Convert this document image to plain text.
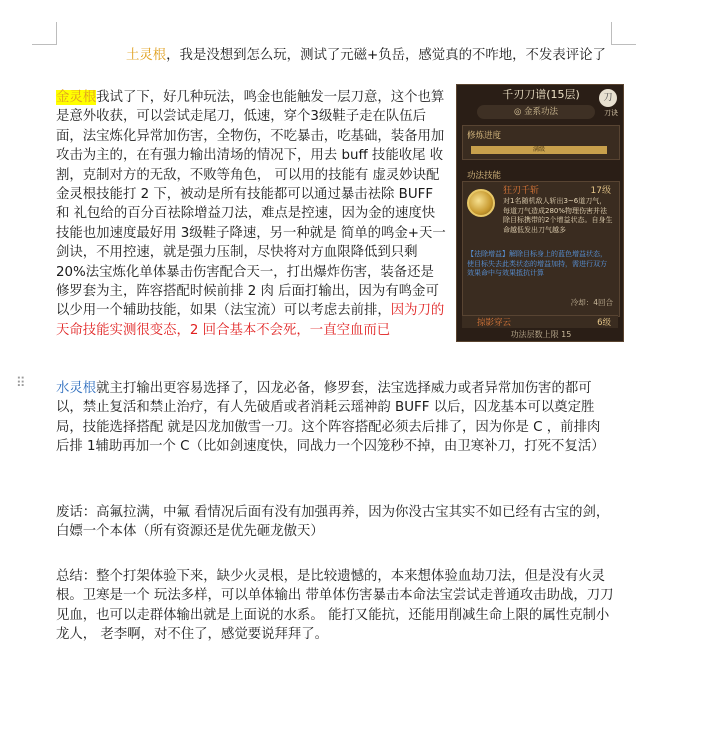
⠿

土灵根，我是没想到怎么玩，测试了元磁+负岳，感觉真的不咋地，不发表评论了

金灵根我试了下，好几种玩法，鸣金也能触发一层刀意，这个也算是意外收获，可以尝试走尾刀，低速，穿个3级鞋子走在队伍后面，法宝炼化异常加伤害，全物伤，不吃暴击，吃基础，装备用加攻击为主的，在有强力输出清场的情况下，用去 buff 技能收尾 收割，克制对方的无敌，不败等角色， 可以用的技能有 虚灵妙诀配金灵根技能打 2 下，被动是所有技能都可以通过暴击祛除 BUFF 和 礼包给的百分百祛除增益刀法，难点是控速，因为金的速度快技能也加速度最好用 3级鞋子降速，另一种就是 简单的鸣金+天一剑诀，不用控速，就是强力压制，尽快将对方血限降低到只剩 20%法宝炼化单体暴击伤害配合天一，打出爆炸伤害，装备还是修罗套为主，阵容搭配时候前排 2 肉 后面打输出，因为有鸣金可以少用一个辅助技能，如果（法宝流）可以考虑去前排，因为刀的天命技能实测很变态，2 回合基本不会死，一直空血而已

千刃刀谱(15层)	刀
刀诀
◎ 金系功法
修炼进度
满级
功法技能
狂刃千斩	17级

对1名随机敌人斩出3~6道刀气，每道刀气造成280%物理伤害并祛除目标携带的2个增益状态。自身生命越低发出刀气越多

【祛除增益】解除目标身上的蓝色增益状态，使目标失去此类状态的增益加持，需进行双方效果命中与效果抵抗计算

冷却：4回合
掠影穿云	6级
功法层数上限 15

水灵根就主打输出更容易选择了，囚龙必备，修罗套，法宝选择威力或者异常加伤害的都可以，禁止复活和禁止治疗，有人先破盾或者消耗云瑶神韵 BUFF 以后，囚龙基本可以奠定胜局，技能选择搭配 就是囚龙加傲雪一刀。这个阵容搭配必须去后排了，因为你是 C ，前排肉 后排 1辅助再加一个 C（比如剑速度快，同战力一个囚笼秒不掉，由卫寒补刀，打死不复活）

废话：高氟拉满，中氟 看情况后面有没有加强再养，因为你没古宝其实不如已经有古宝的剑，白嫖一个本体（所有资源还是优先砸龙傲天）

总结：整个打架体验下来，缺少火灵根，是比较遗憾的，本来想体验血劫刀法，但是没有火灵根。卫寒是一个 玩法多样，可以单体输出 带单体伤害暴击本命法宝尝试走普通攻击助战，刀刀见血，也可以走群体输出就是上面说的水系。 能打又能抗，还能用削减生命上限的属性克制小龙人， 老李啊，对不住了，感觉要说拜拜了。
